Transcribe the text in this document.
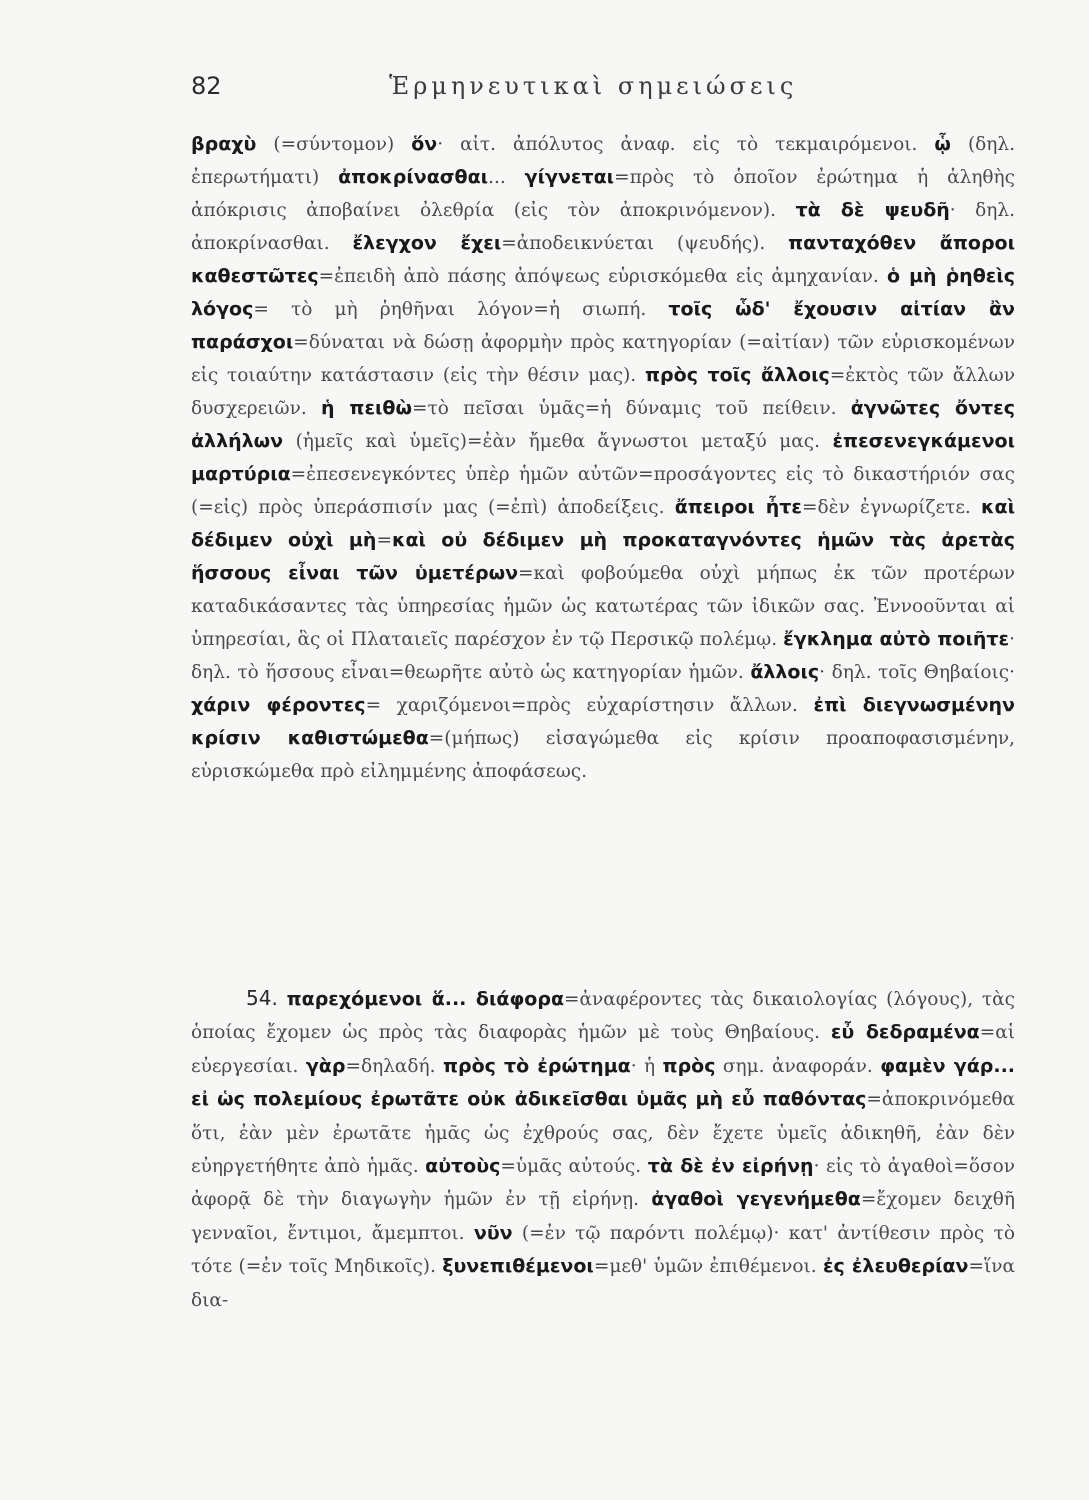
82	Ἑρμηνευτικαὶ σημειώσεις
βραχὺ (=σύντομον) ὅν· αἰτ. ἀπόλυτος ἀναφ. εἰς τὸ τεκμαιρόμενοι. ᾧ (δηλ. ἐπερωτήματι) ἀποκρίνασθαι... γίγνεται=πρὸς τὸ ὁποῖον ἐρώτημα ἡ ἀληθὴς ἀπόκρισις ἀποβαίνει ὀλεθρία (εἰς τὸν ἀποκρινόμενον). τὰ δὲ ψευδῆ· δηλ. ἀποκρίνασθαι. ἔλεγχον ἔχει=ἀποδεικνύεται (ψευδής). πανταχόθεν ἄποροι καθεστῶτες=ἐπειδὴ ἀπὸ πάσης ἀπόψεως εὑρισκόμεθα εἰς ἀμηχανίαν. ὁ μὴ ῥηθεὶς λόγος= τὸ μὴ ῥηθῆναι λόγον=ἡ σιωπή. τοῖς ὧδ' ἔχουσιν αἰτίαν ἂν παράσχοι=δύναται νὰ δώσῃ ἀφορμὴν πρὸς κατηγορίαν (=αἰτίαν) τῶν εὑρισκομένων εἰς τοιαύτην κατάστασιν (εἰς τὴν θέσιν μας). πρὸς τοῖς ἄλλοις=ἐκτὸς τῶν ἄλλων δυσχερειῶν. ἡ πειθὼ=τὸ πεῖσαι ὑμᾶς=ἡ δύναμις τοῦ πείθειν. ἀγνῶτες ὄντες ἀλλήλων (ἡμεῖς καὶ ὑμεῖς)=ἐὰν ἤμεθα ἄγνωστοι μεταξύ μας. ἐπεσενεγκάμενοι μαρτύρια=ἐπεσενεγκόντες ὑπὲρ ἡμῶν αὐτῶν=προσάγοντες εἰς τὸ δικαστήριόν σας (=εἰς) πρὸς ὑπεράσπισίν μας (=ἐπὶ) ἀποδείξεις. ἄπειροι ἦτε=δὲν ἐγνωρίζετε. καὶ δέδιμεν οὐχὶ μὴ=καὶ οὐ δέδιμεν μὴ προκαταγνόντες ἡμῶν τὰς ἀρετὰς ἥσσους εἶναι τῶν ὑμετέρων=καὶ φοβούμεθα οὐχὶ μήπως ἐκ τῶν προτέρων καταδικάσαντες τὰς ὑπηρεσίας ἡμῶν ὡς κατωτέρας τῶν ἰδικῶν σας. Ἐννοοῦνται αἱ ὑπηρεσίαι, ἃς οἱ Πλαταιεῖς παρέσχον ἐν τῷ Περσικῷ πολέμῳ. ἔγκλημα αὐτὸ ποιῆτε· δηλ. τὸ ἥσσους εἶναι=θεωρῆτε αὐτὸ ὡς κατηγορίαν ἡμῶν. ἄλλοις· δηλ. τοῖς Θηβαίοις· χάριν φέροντες= χαριζόμενοι=πρὸς εὐχαρίστησιν ἄλλων. ἐπὶ διεγνωσμένην κρίσιν καθιστώμεθα=(μήπως) εἰσαγώμεθα εἰς κρίσιν προαποφασισμένην, εὑρισκώμεθα πρὸ εἰλημμένης ἀποφάσεως.
54. παρεχόμενοι ἅ... διάφορα=ἀναφέροντες τὰς δικαιολογίας (λόγους), τὰς ὁποίας ἔχομεν ὡς πρὸς τὰς διαφορὰς ἡμῶν μὲ τοὺς Θηβαίους. εὖ δεδραμένα=αἱ εὐεργεσίαι. γὰρ=δηλαδή. πρὸς τὸ ἐρώτημα· ἡ πρὸς σημ. ἀναφοράν. φαμὲν γάρ... εἰ ὡς πολεμίους ἐρωτᾶτε οὐκ ἀδικεῖσθαι ὑμᾶς μὴ εὖ παθόντας=ἀποκρινόμεθα ὅτι, ἐὰν μὲν ἐρωτᾶτε ἡμᾶς ὡς ἐχθρούς σας, δὲν ἔχετε ὑμεῖς ἀδικηθῆ, ἐὰν δὲν εὐηργετήθητε ἀπὸ ἡμᾶς. αὐτοὺς=ὑμᾶς αὐτούς. τὰ δὲ ἐν εἰρήνῃ· εἰς τὸ ἀγαθοὶ=ὅσον ἀφορᾷ δὲ τὴν διαγωγὴν ἡμῶν ἐν τῇ εἰρήνῃ. ἀγαθοὶ γεγενήμεθα=ἔχομεν δειχθῆ γενναῖοι, ἔντιμοι, ἄμεμπτοι. νῦν (=ἐν τῷ παρόντι πολέμῳ)· κατ' ἀντίθεσιν πρὸς τὸ τότε (=ἐν τοῖς Μηδικοῖς). ξυνεπιθέμενοι=μεθ' ὑμῶν ἐπιθέμενοι. ἐς ἐλευθερίαν=ἵνα δια-
